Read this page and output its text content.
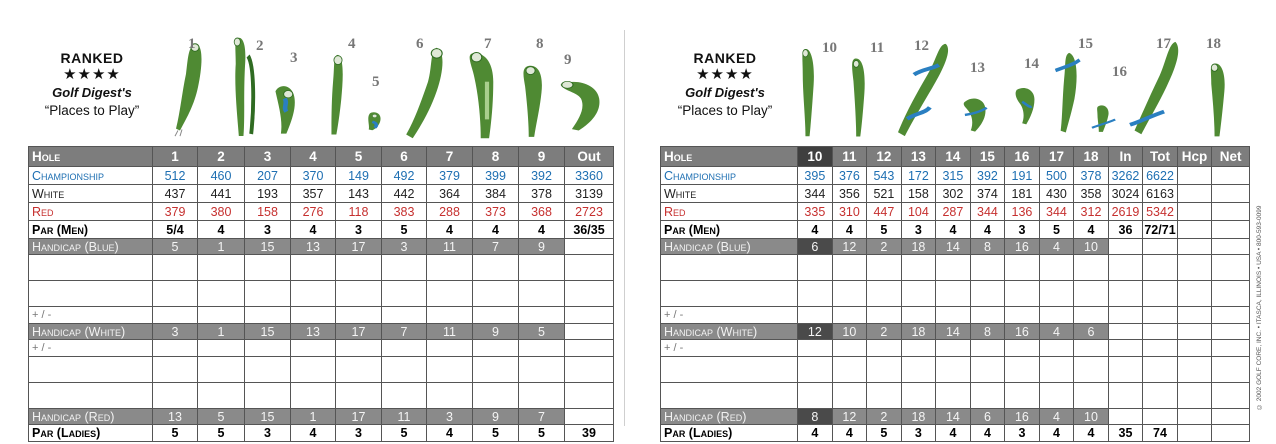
RANKED
★★★★
Golf Digest's
“Places to Play”
1	2
3
4
5
6	7	8
9
Hole	1	2	3	4	5	6	7	8	9	Out
Championship	512	460	207	370	149	492	379	399	392	3360
White	437	441	193	357	143	442	364	384	378	3139
Red	379	380	158	276	118	383	288	373	368	2723
Par (Men)	5/4	4	3	4	3	5	4	4	4	36/35
Handicap (Blue)	5	1	15	13	17	3	11	7	9	

+ / -										
Handicap (White)	3	1	15	13	17	7	11	9	5	
+ / -										

Handicap (Red)	13	5	15	1	17	11	3	9	7	
Par (Ladies)	5	5	3	4	3	5	4	5	5	39
RANKED
★★★★
Golf Digest's
“Places to Play”
10 11 12
13	14
15
16
17 18
Hole	10	11	12	13	14	15	16	17	18	In	Tot	Hcp	Net
Championship	395	376	543	172	315	392	191	500	378	3262	6622		
White	344	356	521	158	302	374	181	430	358	3024	6163		
Red	335	310	447	104	287	344	136	344	312	2619	5342		
Par (Men)	4	4	5	3	4	4	3	5	4	36	72/71		
Handicap (Blue)	6	12	2	18	14	8	16	4	10				

+ / -													
Handicap (White)	12	10	2	18	14	8	16	4	6				
+ / -													

Handicap (Red)	8	12	2	18	14	6	16	4	10				
Par (Ladies)	4	4	5	3	4	4	3	4	4	35	74		
© 2002 GOLF CORE, INC. • ITASCA, ILLINOIS • USA • 800-593-0099
